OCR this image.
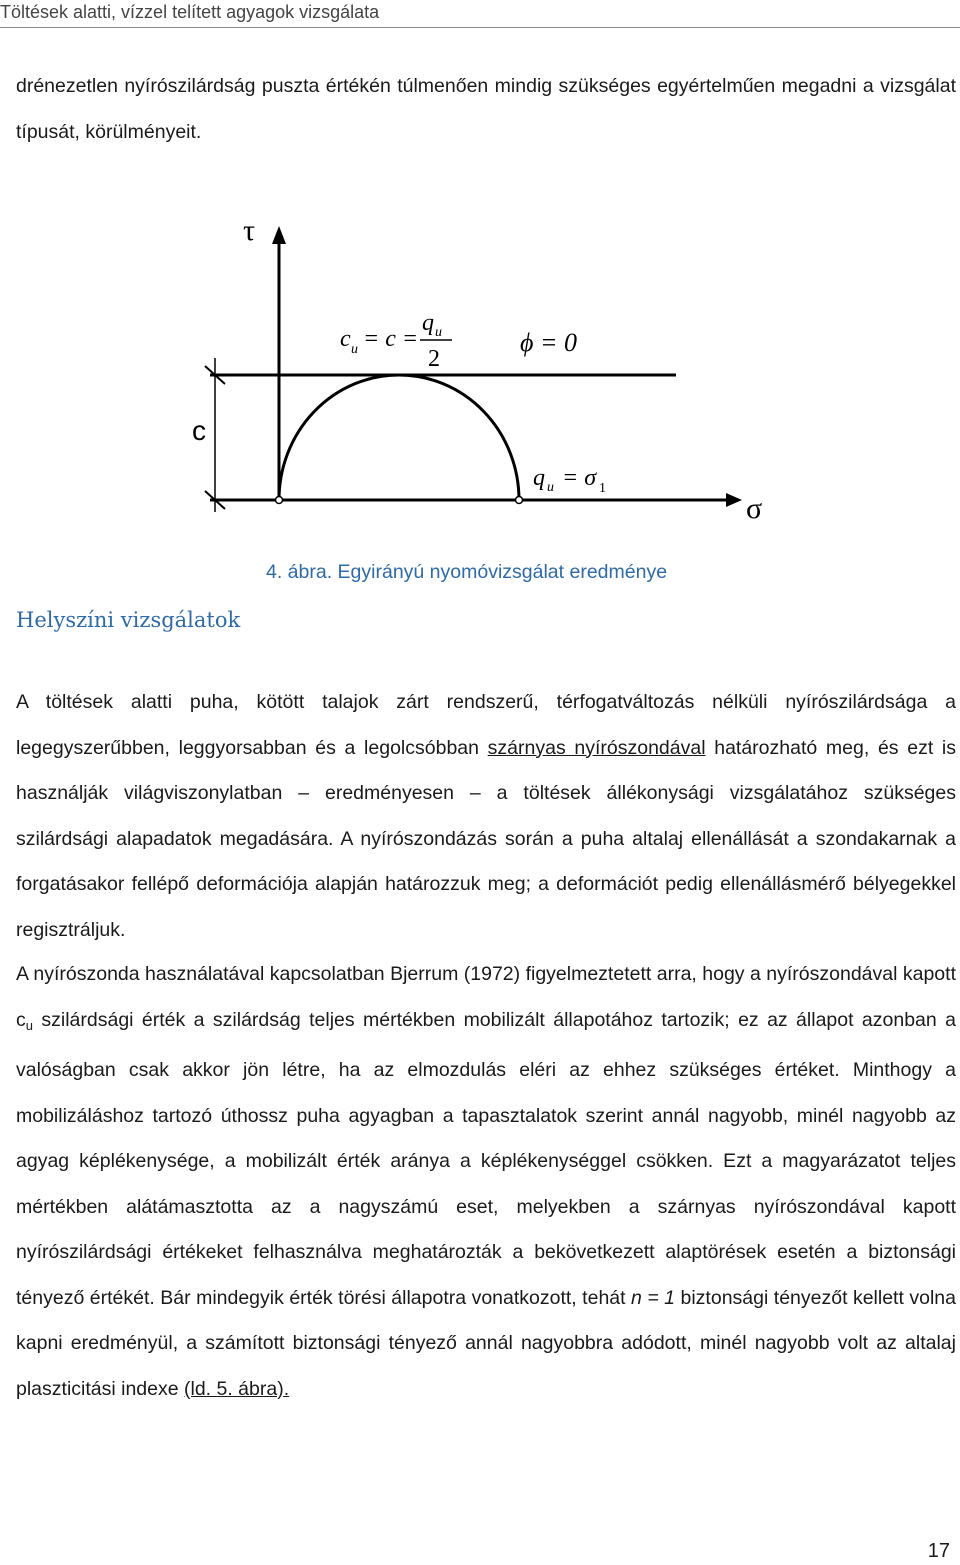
Töltések alatti, vízzel telített agyagok vizsgálata
drénezetlen nyírószilárdság puszta értékén túlmenően mindig szükséges egyértelműen megadni a vizsgálat típusát, körülményeit.
τ
σ
c
c u = c =
q u
2
ϕ = 0
q u = σ 1
4. ábra. Egyirányú nyomóvizsgálat eredménye
Helyszíni vizsgálatok
A töltések alatti puha, kötött talajok zárt rendszerű, térfogatváltozás nélküli nyírószilárdsága a legegyszerűbben, leggyorsabban és a legolcsóbban szárnyas nyírószondával határozható meg, és ezt is használják világviszonylatban – eredményesen – a töltések állékonysági vizsgálatához szükséges szilárdsági alapadatok megadására. A nyírószondázás során a puha altalaj ellenállását a szondakarnak a forgatásakor fellépő deformációja alapján határozzuk meg; a deformációt pedig ellenállásmérő bélyegekkel regisztráljuk.
A nyírószonda használatával kapcsolatban Bjerrum (1972) figyelmeztetett arra, hogy a nyírószondával kapott $c_u$ szilárdsági érték a szilárdság teljes mértékben mobilizált állapotához tartozik; ez az állapot azonban a valóságban csak akkor jön létre, ha az elmozdulás eléri az ehhez szükséges értéket. Minthogy a mobilizáláshoz tartozó úthossz puha agyagban a tapasztalatok szerint annál nagyobb, minél nagyobb az agyag képlékenysége, a mobilizált érték aránya a képlékenységgel csökken. Ezt a magyarázatot teljes mértékben alátámasztotta az a nagyszámú eset, melyekben a szárnyas nyírószondával kapott nyírószilárdsági értékeket felhasználva meghatározták a bekövetkezett alaptörések esetén a biztonsági tényező értékét. Bár mindegyik érték törési állapotra vonatkozott, tehát n = 1 biztonsági tényezőt kellett volna kapni eredményül, a számított biztonsági tényező annál nagyobbra adódott, minél nagyobb volt az altalaj plaszticitási indexe (ld. 5. ábra).
17
